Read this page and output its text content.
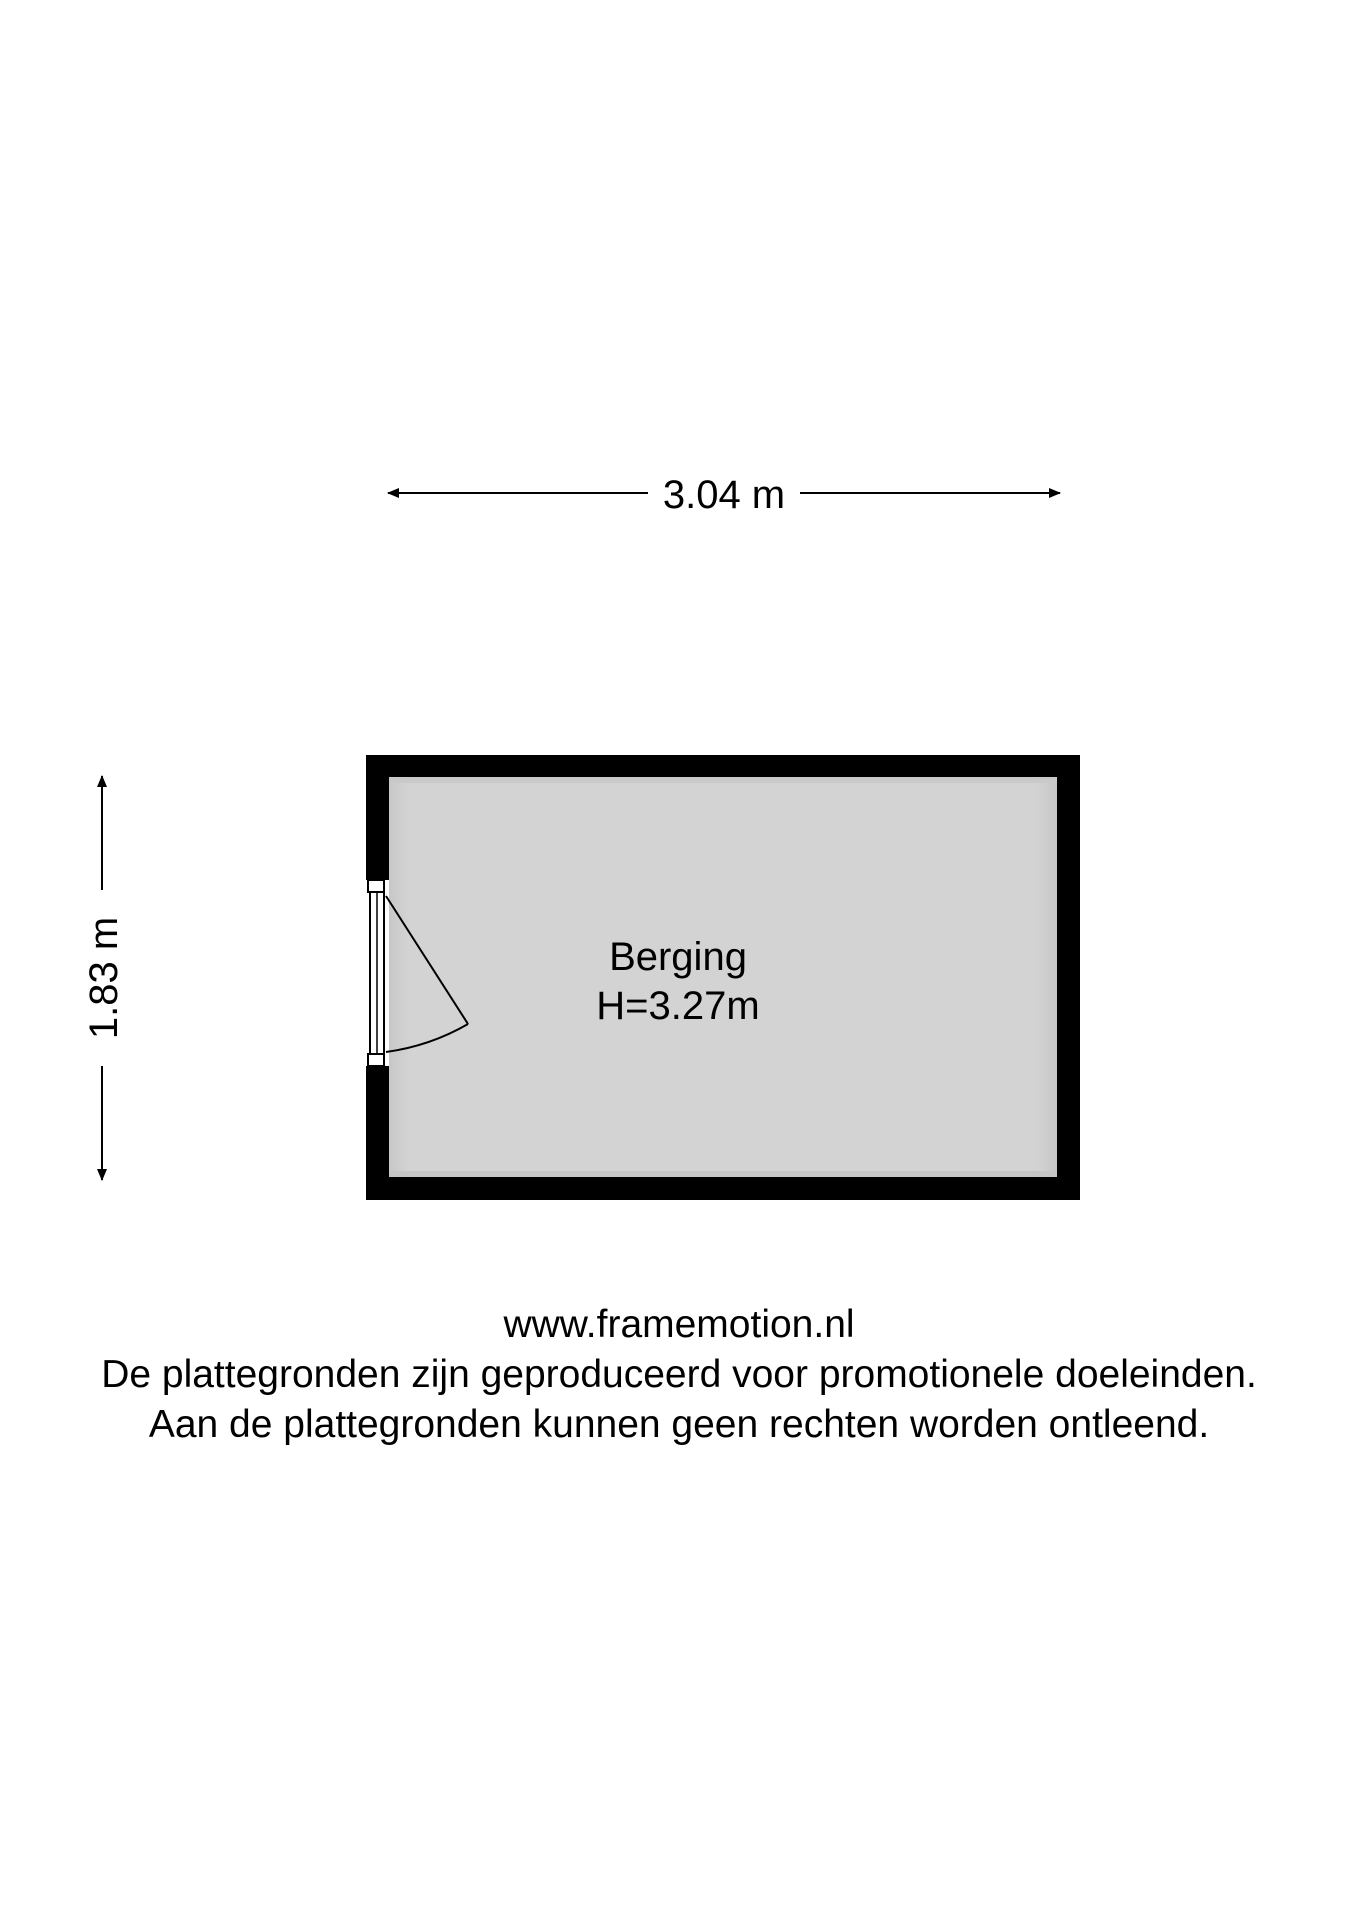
3.04 m
1.83 m	Berging
H=3.27m
www.framemotion.nl
De plattegronden zijn geproduceerd voor promotionele doeleinden.
Aan de plattegronden kunnen geen rechten worden ontleend.
